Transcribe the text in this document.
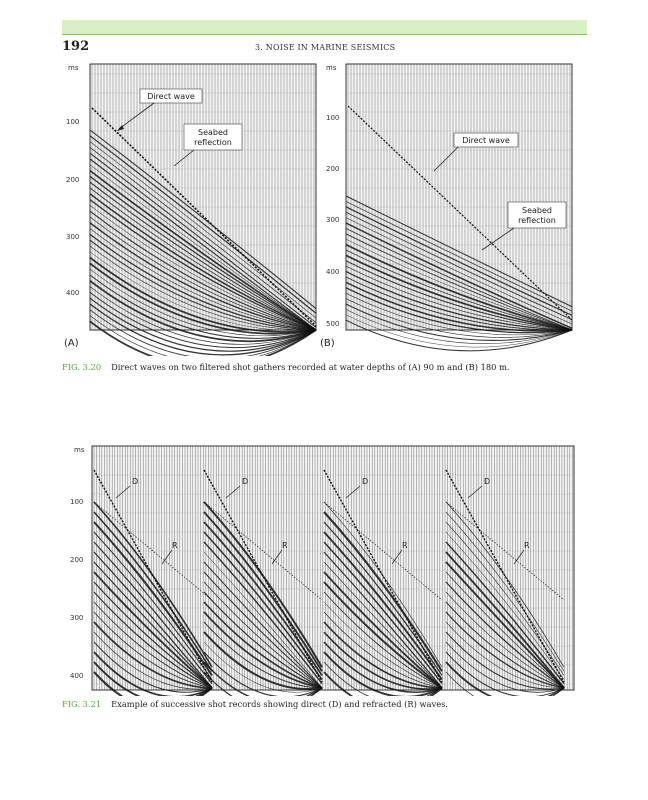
192	3. NOISE IN MARINE SEISMICS
ms
100
200
300
400
Direct wave
Seabed
reflection
(A)
ms
100
200
300
400
500
Direct wave
Seabed
reflection
(B)
FIG. 3.20 Direct waves on two filtered shot gathers recorded at water depths of (A) 90 m and (B) 180 m.
ms
100
200
300
400
D
R
D
R
D
R
D
R
FIG. 3.21 Example of successive shot records showing direct (D) and refracted (R) waves.
